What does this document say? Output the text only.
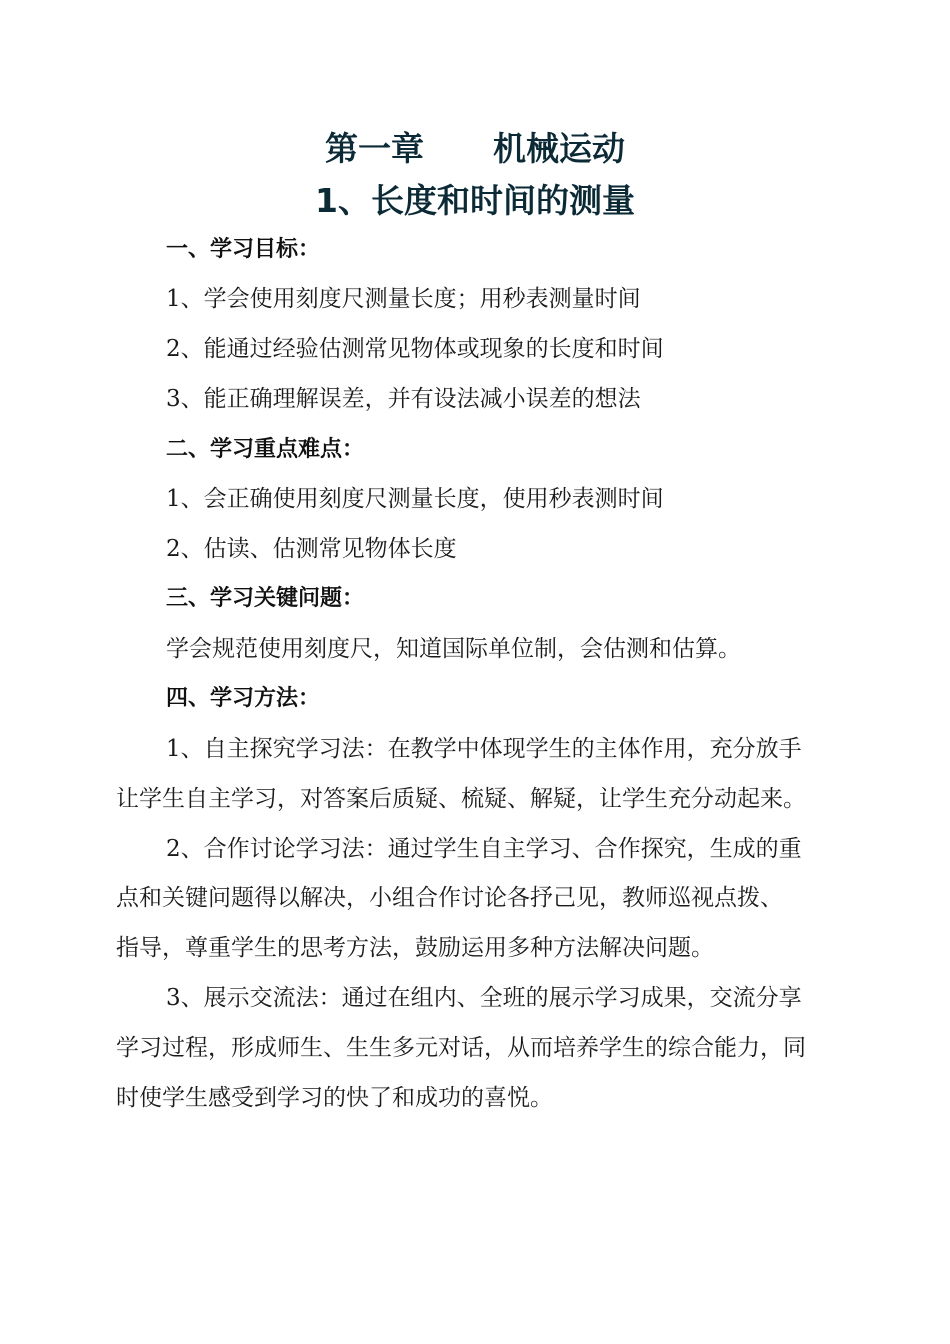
第一章      机械运动
1、长度和时间的测量
一、学习目标：
1、学会使用刻度尺测量长度；用秒表测量时间
2、能通过经验估测常见物体或现象的长度和时间
3、能正确理解误差，并有设法减小误差的想法
二、学习重点难点：
1、会正确使用刻度尺测量长度，使用秒表测时间
2、估读、估测常见物体长度
三、学习关键问题：
学会规范使用刻度尺，知道国际单位制，会估测和估算。
四、学习方法：
1、自主探究学习法：在教学中体现学生的主体作用，充分放手
让学生自主学习，对答案后质疑、梳疑、解疑，让学生充分动起来。
2、合作讨论学习法：通过学生自主学习、合作探究，生成的重
点和关键问题得以解决，小组合作讨论各抒己见，教师巡视点拨、
指导，尊重学生的思考方法，鼓励运用多种方法解决问题。
3、展示交流法：通过在组内、全班的展示学习成果，交流分享
学习过程，形成师生、生生多元对话，从而培养学生的综合能力，同
时使学生感受到学习的快了和成功的喜悦。
